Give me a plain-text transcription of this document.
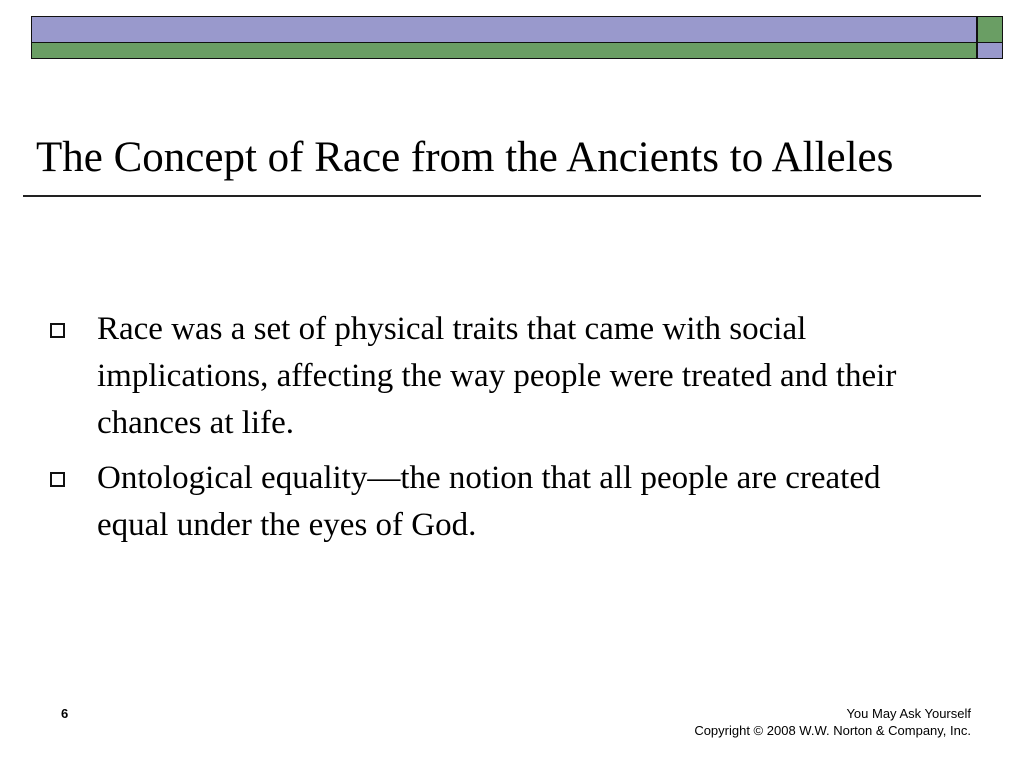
The Concept of Race from the Ancients to Alleles
Race was a set of physical traits that came with social implications, affecting the way people were treated and their chances at life.
Ontological equality—the notion that all people are created equal under the eyes of God.
6	You May Ask Yourself
Copyright © 2008 W.W. Norton & Company, Inc.
